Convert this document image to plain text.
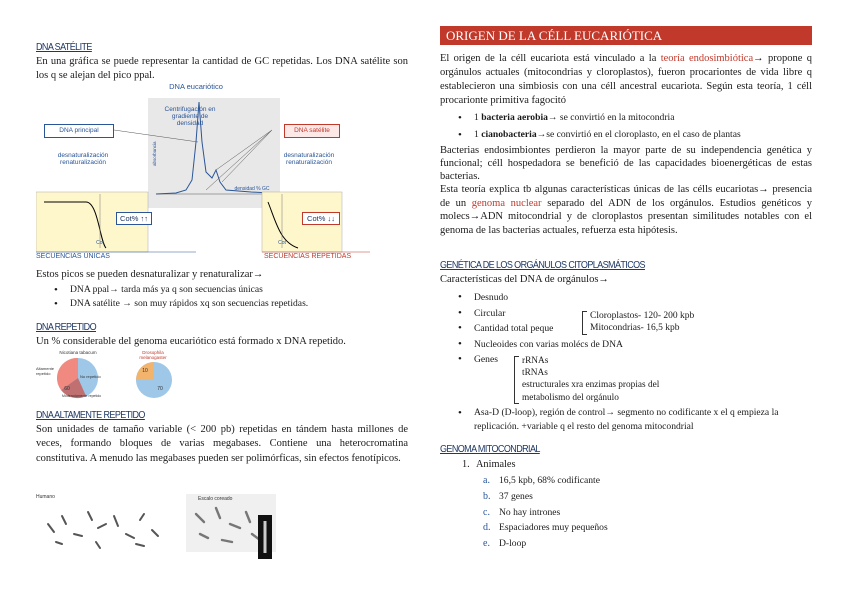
DNA SATÉLITE
En una gráfica se puede representar la cantidad de GC repetidas. Los DNA satélite son los q se alejan del pico ppal.
DNA eucariótico
Centrifugación en gradiente de densidad
DNA principal	DNA satélite
desnaturalización renaturalización
desnaturalización renaturalización
densidad % GC
Cot% ↑↑	Cot% ↓↓
Cot	Cot
SECUENCIAS ÚNICAS	SECUENCIAS REPETIDAS
Estos picos se pueden desnaturalizar y renaturalizar→
• DNA ppal→ tarda más ya q son secuencias únicas
• DNA satélite → son muy rápidos xq son secuencias repetidas.
DNA REPETIDO
Un % considerable del genoma eucariótico está formado x DNA repetido.
Nicotiana tabacum
Altamente repetido
No repetido
Moderadamente repetido
60
Drosophila melanogaster
10
70
DNA ALTAMENTE REPETIDO
Son unidades de tamaño variable (< 200 pb) repetidas en tándem hasta millones de veces, formando bloques de varias megabases. Contiene una heterocromatina constitutiva. A menudo las megabases pueden ser polimórficas, sin efectos fenotípicos.
Humano	Escalo coreado
ORIGEN DE LA CÉLL EUCARIÓTICA
El origen de la céll eucariota está vinculado a la teoría endosimbiótica→ propone q orgánulos actuales (mitocondrias y cloroplastos), fueron procariontes de vida libre q establecieron una simbiosis con una céll ancestral eucariota. Según esta teoría, 1 céll procarionte primitiva fagocitó
• 1 bacteria aerobia→ se convirtió en la mitocondria
• 1 cianobacteria→se convirtió en el cloroplasto, en el caso de plantas
Bacterias endosimbiontes perdieron la mayor parte de su independencia genética y funcional; céll hospedadora se benefició de las capacidades bioenergéticas de estas bacterias.
Esta teoría explica tb algunas características únicas de las célls eucariotas→ presencia de un genoma nuclear separado del ADN de los orgánulos. Estudios genéticos y molecs→ADN mitocondrial y de cloroplastos presentan similitudes notables con el genoma de las bacterias actuales, refuerza esta hipótesis.
GENÉTICA DE LOS ORGÁNULOS CITOPLASMÁTICOS
Características del DNA de orgánulos→
• Desnudo
• Circular
• Cantidad total peque
• Nucleoides con varias molécs de DNA
• Genes
Cloroplastos- 120- 200 kpb
Mitocondrias- 16,5 kpb
rRNAs
tRNAs
estructurales xra enzimas propias del
metabolismo del orgánulo
• Asa-D (D-loop), región de control→ segmento no codificante x el q empieza la replicación. +variable q el resto del genoma mitocondrial
GENOMA MITOCONDRIAL
1. Animales
a. 16,5 kpb, 68% codificante
b. 37 genes
c. No hay intrones
d. Espaciadores muy pequeños
e. D-loop
